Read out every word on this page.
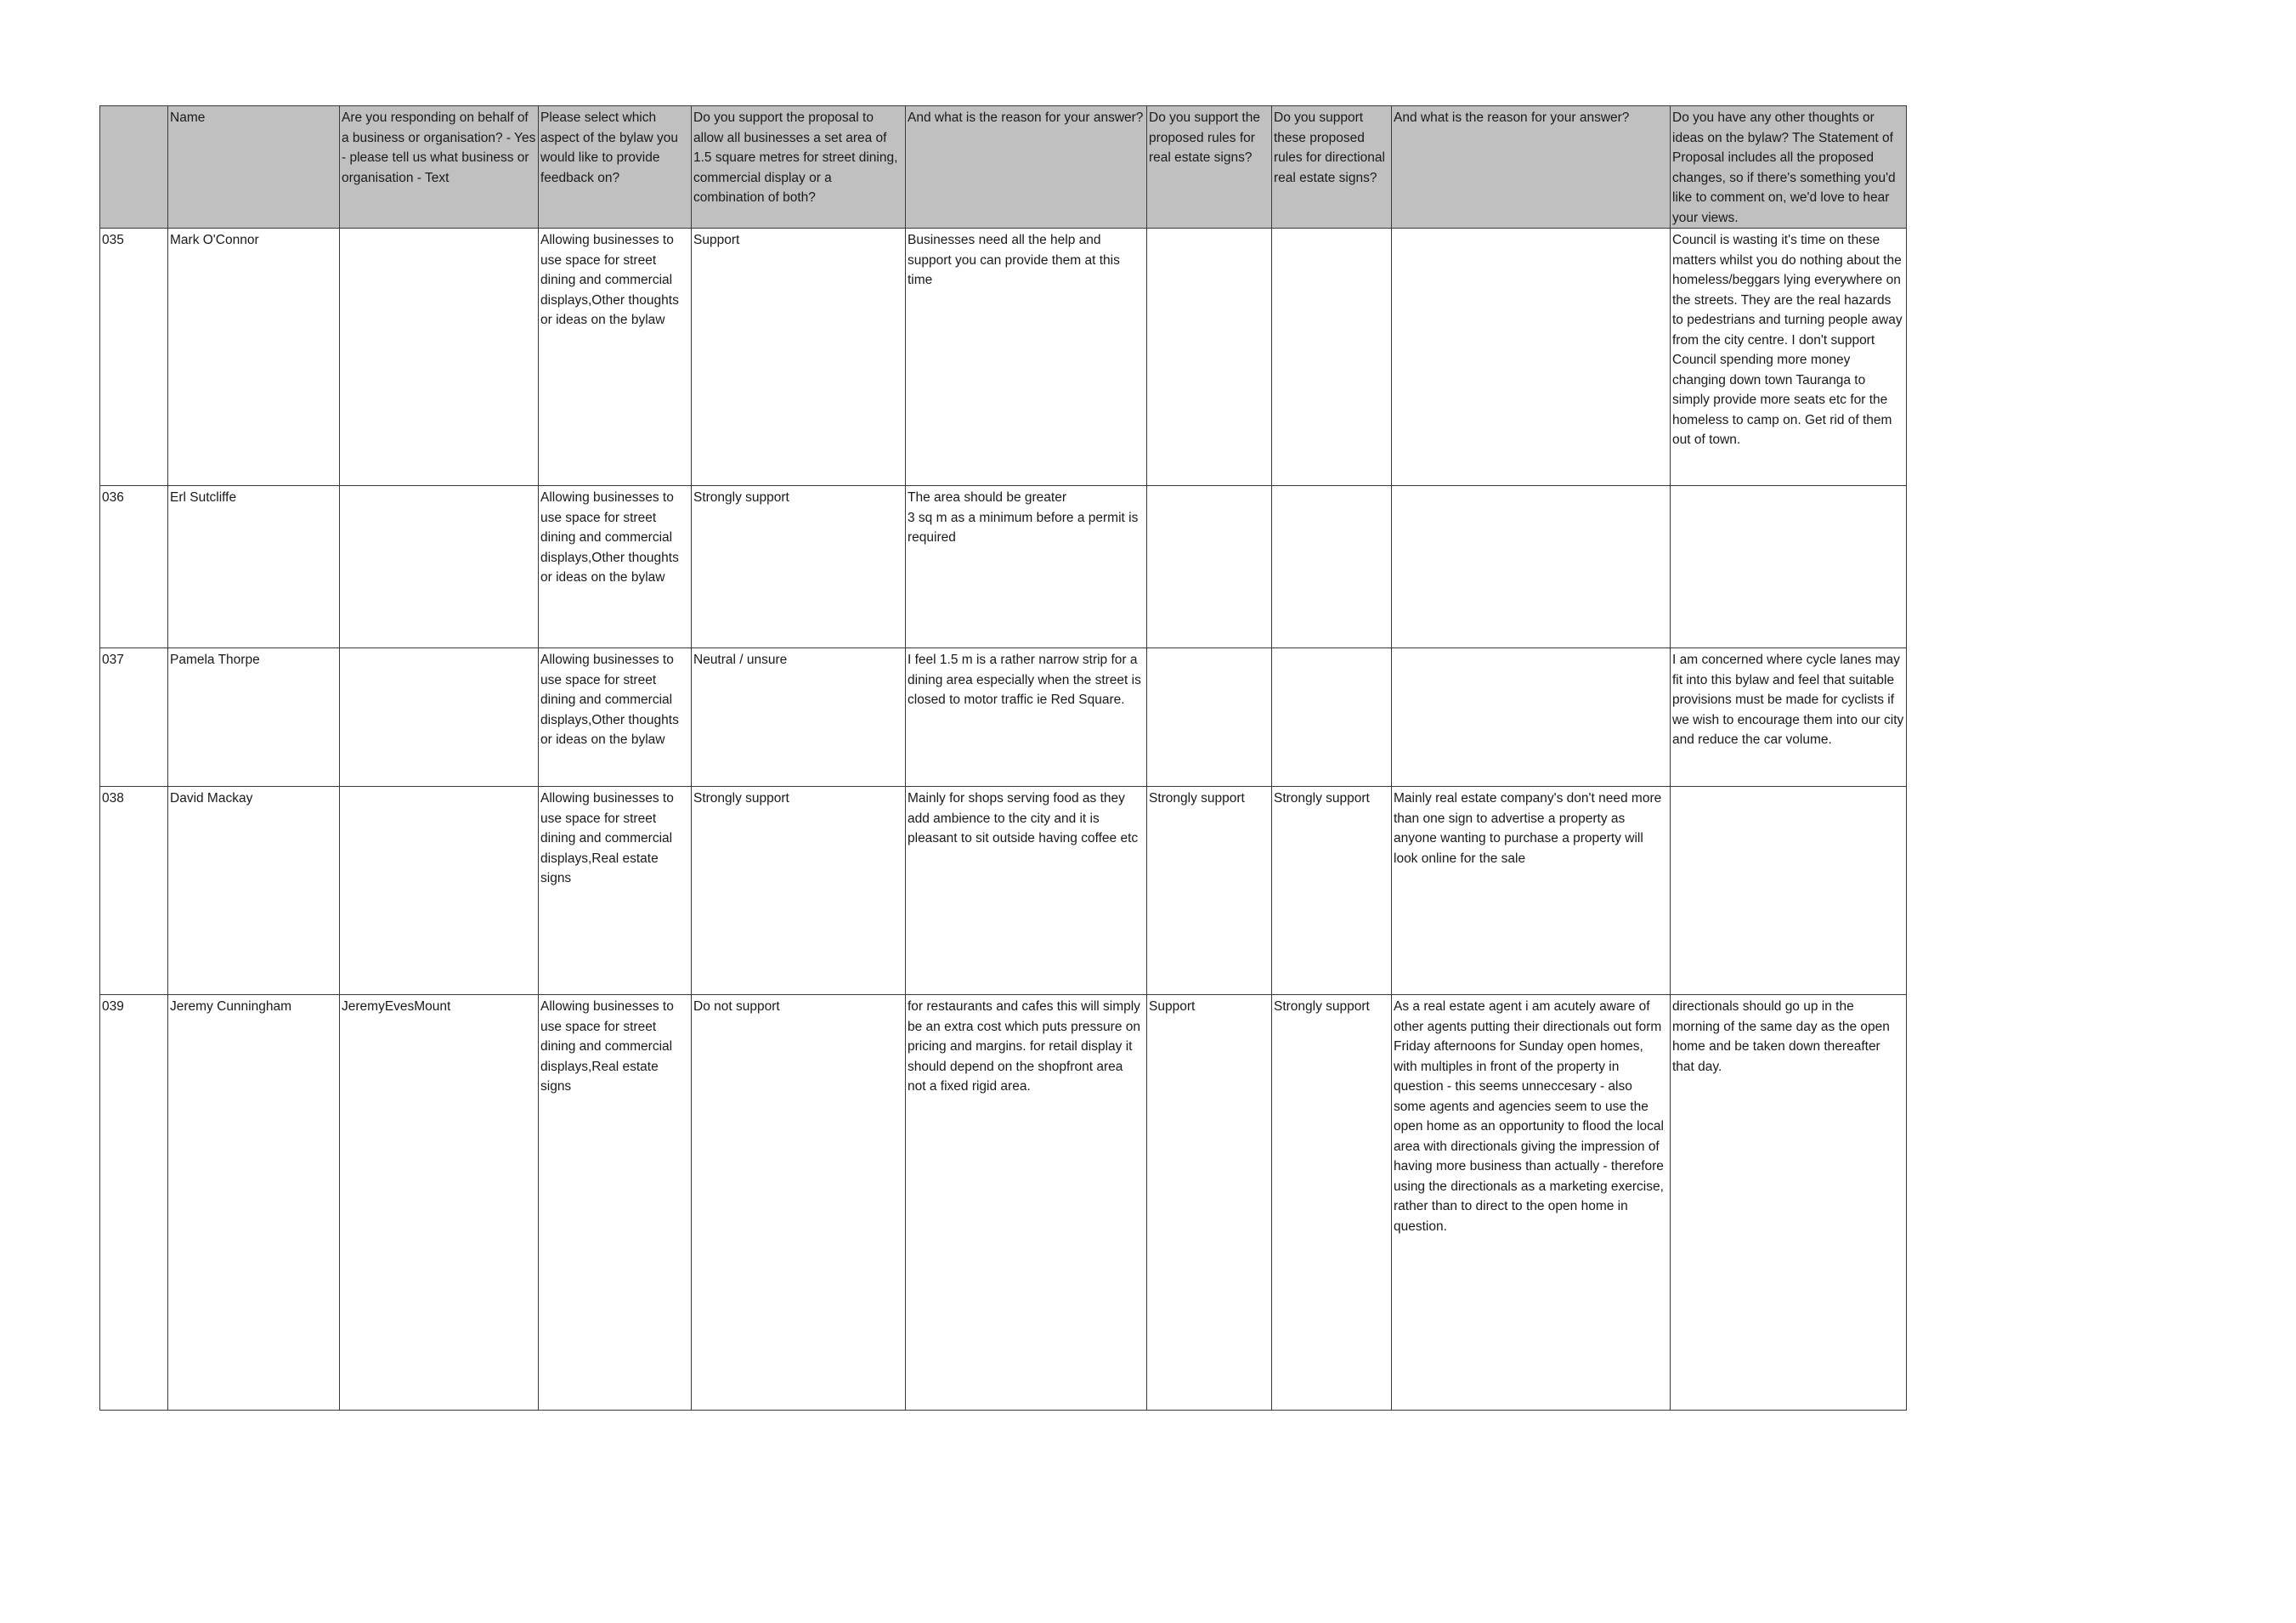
	Name	Are you responding on behalf of a business or organisation? - Yes - please tell us what business or organisation - Text	Please select which aspect of the bylaw you would like to provide feedback on?	Do you support the proposal to allow all businesses a set area of 1.5 square metres for street dining, commercial display or a combination of both?	And what is the reason for your answer?	Do you support the proposed rules for real estate signs?	Do you support these proposed rules for directional real estate signs?	And what is the reason for your answer?	Do you have any other thoughts or ideas on the bylaw? The Statement of Proposal includes all the proposed changes, so if there's something you'd like to comment on, we'd love to hear your views.
035	Mark O'Connor		Allowing businesses to use space for street dining and commercial displays,Other thoughts or ideas on the bylaw	Support	Businesses need all the help and support you can provide them at this time				Council is wasting it's time on these matters whilst you do nothing about the homeless/beggars lying everywhere on the streets. They are the real hazards to pedestrians and turning people away from the city centre. I don't support Council spending more money changing down town Tauranga to simply provide more seats etc for the homeless to camp on. Get rid of them out of town.
036	Erl Sutcliffe		Allowing businesses to use space for street dining and commercial displays,Other thoughts or ideas on the bylaw	Strongly support	The area should be greater
3 sq m as a minimum before a permit is required				
037	Pamela Thorpe		Allowing businesses to use space for street dining and commercial displays,Other thoughts or ideas on the bylaw	Neutral / unsure	I feel 1.5 m is a rather narrow strip for a dining area especially when the street is closed to motor traffic ie Red Square.				I am concerned where cycle lanes may fit into this bylaw and feel that suitable provisions must be made for cyclists if we wish to encourage them into our city and reduce the car volume.
038	David Mackay		Allowing businesses to use space for street dining and commercial displays,Real estate signs	Strongly support	Mainly for shops serving food as they add ambience to the city and it is pleasant to sit outside having coffee etc	Strongly support	Strongly support	Mainly real estate company's don't need more than one sign to advertise a property as anyone wanting to purchase a property will look online for the sale	
039	Jeremy Cunningham	JeremyEvesMount	Allowing businesses to use space for street dining and commercial displays,Real estate signs	Do not support	for restaurants and cafes this will simply be an extra cost which puts pressure on pricing and margins. for retail display it should depend on the shopfront area not a fixed rigid area.	Support	Strongly support	As a real estate agent i am acutely aware of other agents putting their directionals out form Friday afternoons for Sunday open homes, with multiples in front of the property in question - this seems unneccesary - also some agents and agencies seem to use the open home as an opportunity to flood the local area with directionals giving the impression of having more business than actually - therefore using the directionals as a marketing exercise, rather than to direct to the open home in question.	directionals should go up in the morning of the same day as the open home and be taken down thereafter that day.
